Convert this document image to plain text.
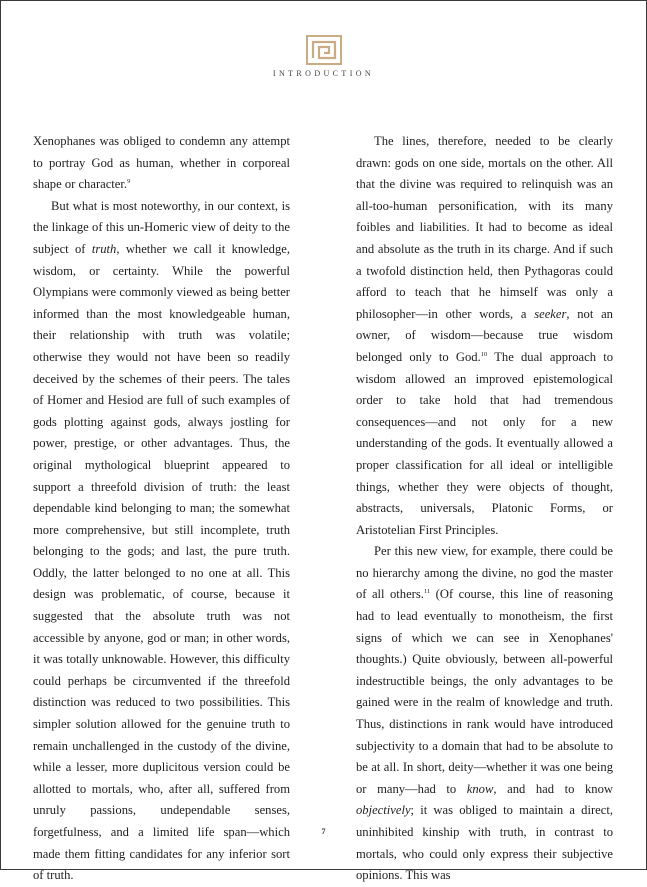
INTRODUCTION

Xenophanes was obliged to condemn any attempt to portray God as human, whether in corporeal shape or character.$^9$

But what is most noteworthy, in our context, is the linkage of this un-Homeric view of deity to the subject of truth, whether we call it knowledge, wisdom, or certainty. While the powerful Olympians were commonly viewed as being better informed than the most knowledgeable human, their relationship with truth was volatile; otherwise they would not have been so readily deceived by the schemes of their peers. The tales of Homer and Hesiod are full of such examples of gods plotting against gods, always jostling for power, prestige, or other advantages. Thus, the original mythological blueprint appeared to support a threefold division of truth: the least dependable kind belonging to man; the somewhat more comprehensive, but still incomplete, truth belonging to the gods; and last, the pure truth. Oddly, the latter belonged to no one at all. This design was problematic, of course, because it suggested that the absolute truth was not accessible by anyone, god or man; in other words, it was totally unknowable. However, this difficulty could perhaps be circumvented if the threefold distinction was reduced to two possibilities. This simpler solution allowed for the genuine truth to remain unchallenged in the custody of the divine, while a lesser, more duplicitous version could be allotted to mortals, who, after all, suffered from unruly passions, undependable senses, forgetfulness, and a limited life span—which made them fitting candidates for any inferior sort of truth.

The lines, therefore, needed to be clearly drawn: gods on one side, mortals on the other. All that the divine was required to relinquish was an all-too-human personification, with its many foibles and liabilities. It had to become as ideal and absolute as the truth in its charge. And if such a twofold distinction held, then Pythagoras could afford to teach that he himself was only a philosopher—in other words, a seeker, not an owner, of wisdom—because true wisdom belonged only to God.$^{10}$ The dual approach to wisdom allowed an improved epistemological order to take hold that had tremendous consequences—and not only for a new understanding of the gods. It eventually allowed a proper classification for all ideal or intelligible things, whether they were objects of thought, abstracts, universals, Platonic Forms, or Aristotelian First Principles.

Per this new view, for example, there could be no hierarchy among the divine, no god the master of all others.$^{11}$ (Of course, this line of reasoning had to lead eventually to monotheism, the first signs of which we can see in Xenophanes' thoughts.) Quite obviously, between all-powerful indestructible beings, the only advantages to be gained were in the realm of knowledge and truth. Thus, distinctions in rank would have introduced subjectivity to a domain that had to be absolute to be at all. In short, deity—whether it was one being or many—had to know, and had to know objectively; it was obliged to maintain a direct, uninhibited kinship with truth, in contrast to mortals, who could only express their subjective opinions. This was

7
